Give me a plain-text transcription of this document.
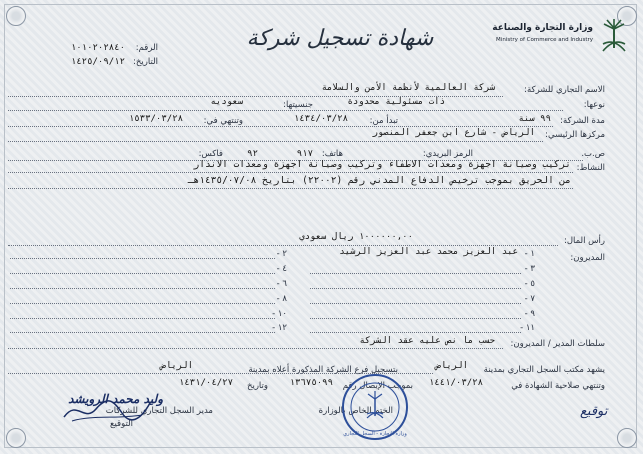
وزارة التجارة والصناعة
Ministry of Commerce and Industry
شهادة تسجيل شركة
الرقم:
١٠١٠٢٠٢٨٤٠
التاريخ:
١٤٢٥/٠٩/١٢
الاسم التجاري للشركة:
شركة العالمية لأنظمة الأمن والسلامة
نوعها:
ذات مسئولية محدودة
جنسيتها:
سعوديه
مدة الشركة:
٩٩ سنة
تبدأ من:
١٤٣٤/٠٣/٢٨
وتنتهي في:
١٥٣٣/٠٣/٢٨
مركزها الرئيسي:
الرياض - شارع ابن جعفر المنصور
ص.ب.
الرمز البريدي:
هاتف:
٩١٧
٩٢
فاكس:
النشاط:
تركيب وصيانة اجهزة ومعدات الاطفاء وتركيب وصيانة اجهزة ومعدات الانذار
من الحريق بموجب ترخيص الدفاع المدني رقم (٢٢٠٠٢) بتاريخ ١٤٣٥/٠٧/٠٨هـ
رأس المال:
١٠٠٠٠٠٠,٠٠ ريال سعودي
المديرون:
١ -
عبد العزيز محمد عبد العزيز الرشيد
٢ -
٣ -
٤ -
٥ -
٦ -
٧ -
٨ -
٩ -
١٠ -
١١ -
١٢ -
سلطات المدير / المديرون:
حسب ما نص عليه عقد الشركة
يشهد مكتب السجل التجاري بمدينة
الرياض
بتسجيل فرع الشركة المذكورة أعلاه بمدينة
الرياض
وتنتهي صلاحية الشهادة في
١٤٤١/٠٣/٢٨
بموجب الإيصال رقم
١٣٦٧٥٠٩٩
وتاريخ
١٤٣١/٠٤/٢٧
وليد محمد الرويشد
مدير السجل التجاري للشركات
التوقيع
الختم الخاص بالوزارة
وزارة التجارة - السجل التجاري
توقيع
